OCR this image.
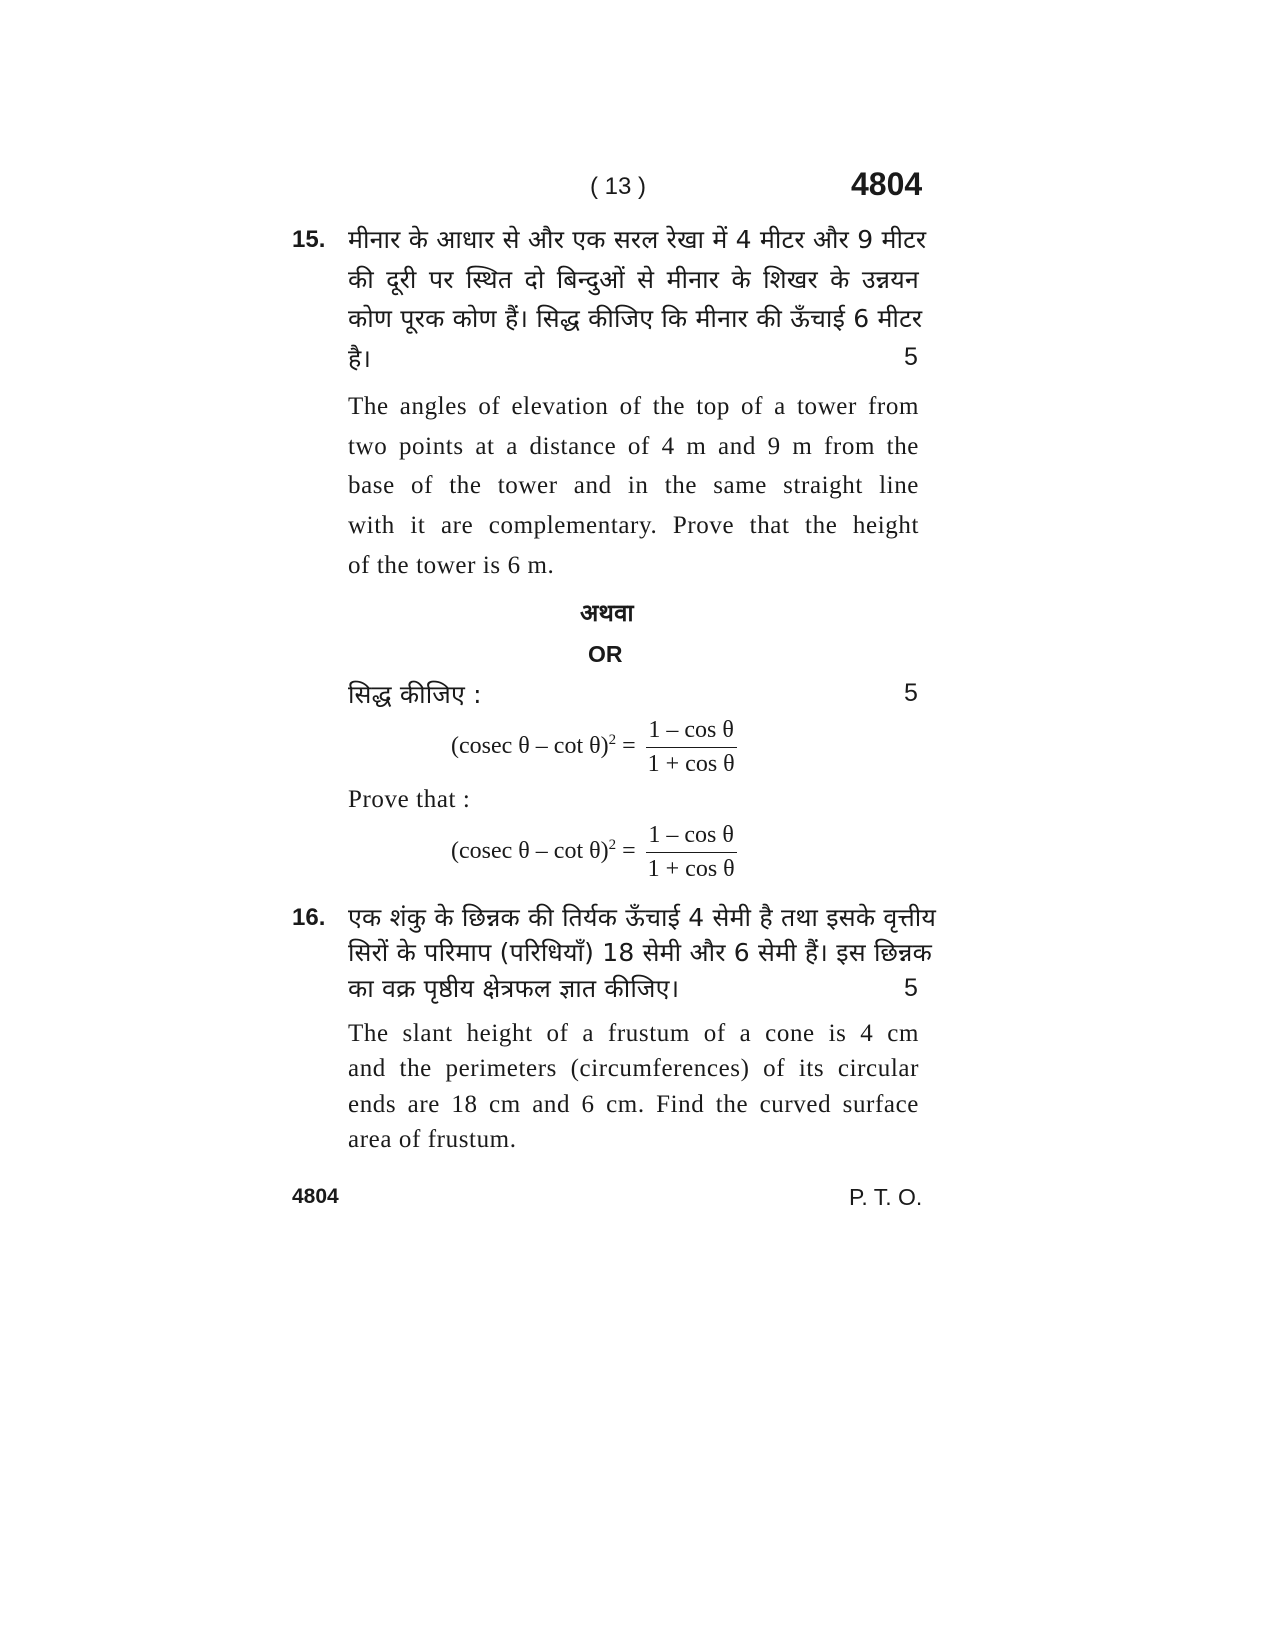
( 13 )	4804
15. मीनार के आधार से और एक सरल रेखा में 4 मीटर और 9 मीटर
की दूरी पर स्थित दो बिन्दुओं से मीनार के शिखर के उन्नयन
कोण पूरक कोण हैं। सिद्ध कीजिए कि मीनार की ऊँचाई 6 मीटर
है।	5
The angles of elevation of the top of a tower from
two points at a distance of 4 m and 9 m from the
base of the tower and in the same straight line
with it are complementary. Prove that the height
of the tower is 6 m.
अथवा
OR
सिद्ध कीजिए :	5
(cosec $\theta - \cot \theta)^2 = \frac{\text{1 – cos θ}}{\text{1 + cos θ}}$
Prove that :
(cosec $\theta - \cot \theta)^2 = \frac{\text{1 – cos θ}}{\text{1 + cos θ}}$
16. एक शंकु के छिन्नक की तिर्यक ऊँचाई 4 सेमी है तथा इसके वृत्तीय
सिरों के परिमाप (परिधियाँ) 18 सेमी और 6 सेमी हैं। इस छिन्नक
का वक्र पृष्ठीय क्षेत्रफल ज्ञात कीजिए।	5
The slant height of a frustum of a cone is 4 cm
and the perimeters (circumferences) of its circular
ends are 18 cm and 6 cm. Find the curved surface
area of frustum.
4804	P. T. O.
